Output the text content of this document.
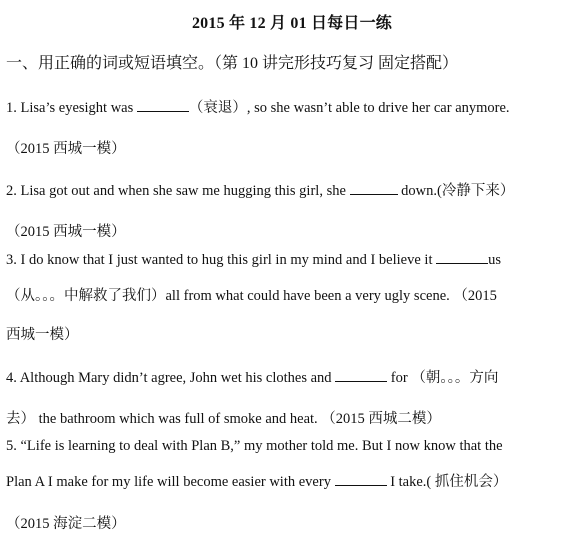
2015 年 12 月 01 日每日一练
一、用正确的词或短语填空。（第 10 讲完形技巧复习 固定搭配）
1. Lisa’s eyesight was	（衰退）, so she wasn’t able to drive her car anymore.
（2015 西城一模）
2. Lisa got out and when she saw me hugging this girl, she	down.(冷静下来）
（2015 西城一模）
3. I do know that I just wanted to hug this girl in my mind and I believe it	us
（从。。。中解救了我们）all from what could have been a very ugly scene. （2015
西城一模）
4. Although Mary didn’t agree, John wet his clothes and	for （朝。。。方向
去） the bathroom which was full of smoke and heat. （2015 西城二模）
5. “Life is learning to deal with Plan B,” my mother told me. But I now know that the
Plan A I make for my life will become easier with every	I take.( 抓住机会）
（2015 海淀二模）
